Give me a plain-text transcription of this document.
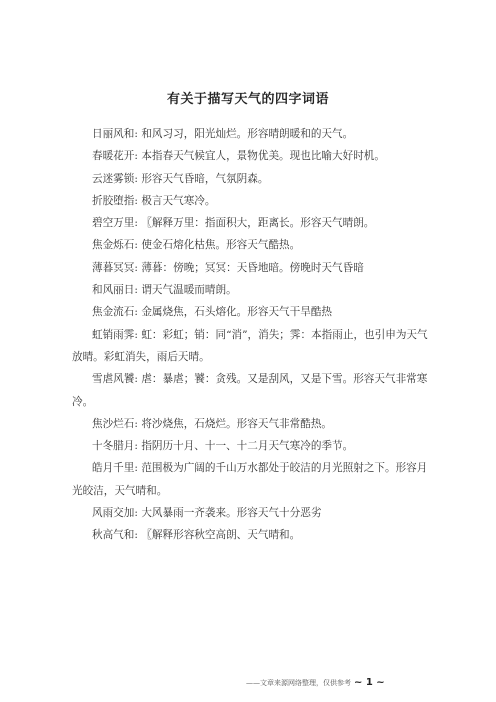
有关于描写天气的四字词语

日丽风和: 和风习习，阳光灿烂。形容晴朗暖和的天气。

春暖花开: 本指春天气候宜人，景物优美。现也比喻大好时机。

云迷雾锁: 形容天气昏暗，气氛阴森。

折胶堕指: 极言天气寒冷。

碧空万里: 〖解释万里：指面积大，距离长。形容天气晴朗。

焦金烁石: 使金石熔化枯焦。形容天气酷热。

薄暮冥冥: 薄暮：傍晚；冥冥：天昏地暗。傍晚时天气昏暗

和风丽日: 谓天气温暖而晴朗。

焦金流石: 金属烧焦，石头熔化。形容天气干旱酷热

虹销雨霁: 虹：彩虹；销：同“消”，消失；霁：本指雨止，也引申为天气放晴。彩虹消失，雨后天晴。

雪虐风饕: 虐：暴虐；饕：贪残。又是刮风，又是下雪。形容天气非常寒冷。

焦沙烂石: 将沙烧焦，石烧烂。形容天气非常酷热。

十冬腊月: 指阴历十月、十一、十二月天气寒冷的季节。

皓月千里: 范围极为广阔的千山万水都处于皎洁的月光照射之下。形容月光皎洁，天气晴和。

风雨交加: 大风暴雨一齐袭来。形容天气十分恶劣

秋高气和: 〖解释形容秋空高朗、天气晴和。

——文章来源网络整理，仅供参考 ~ 1 ~
